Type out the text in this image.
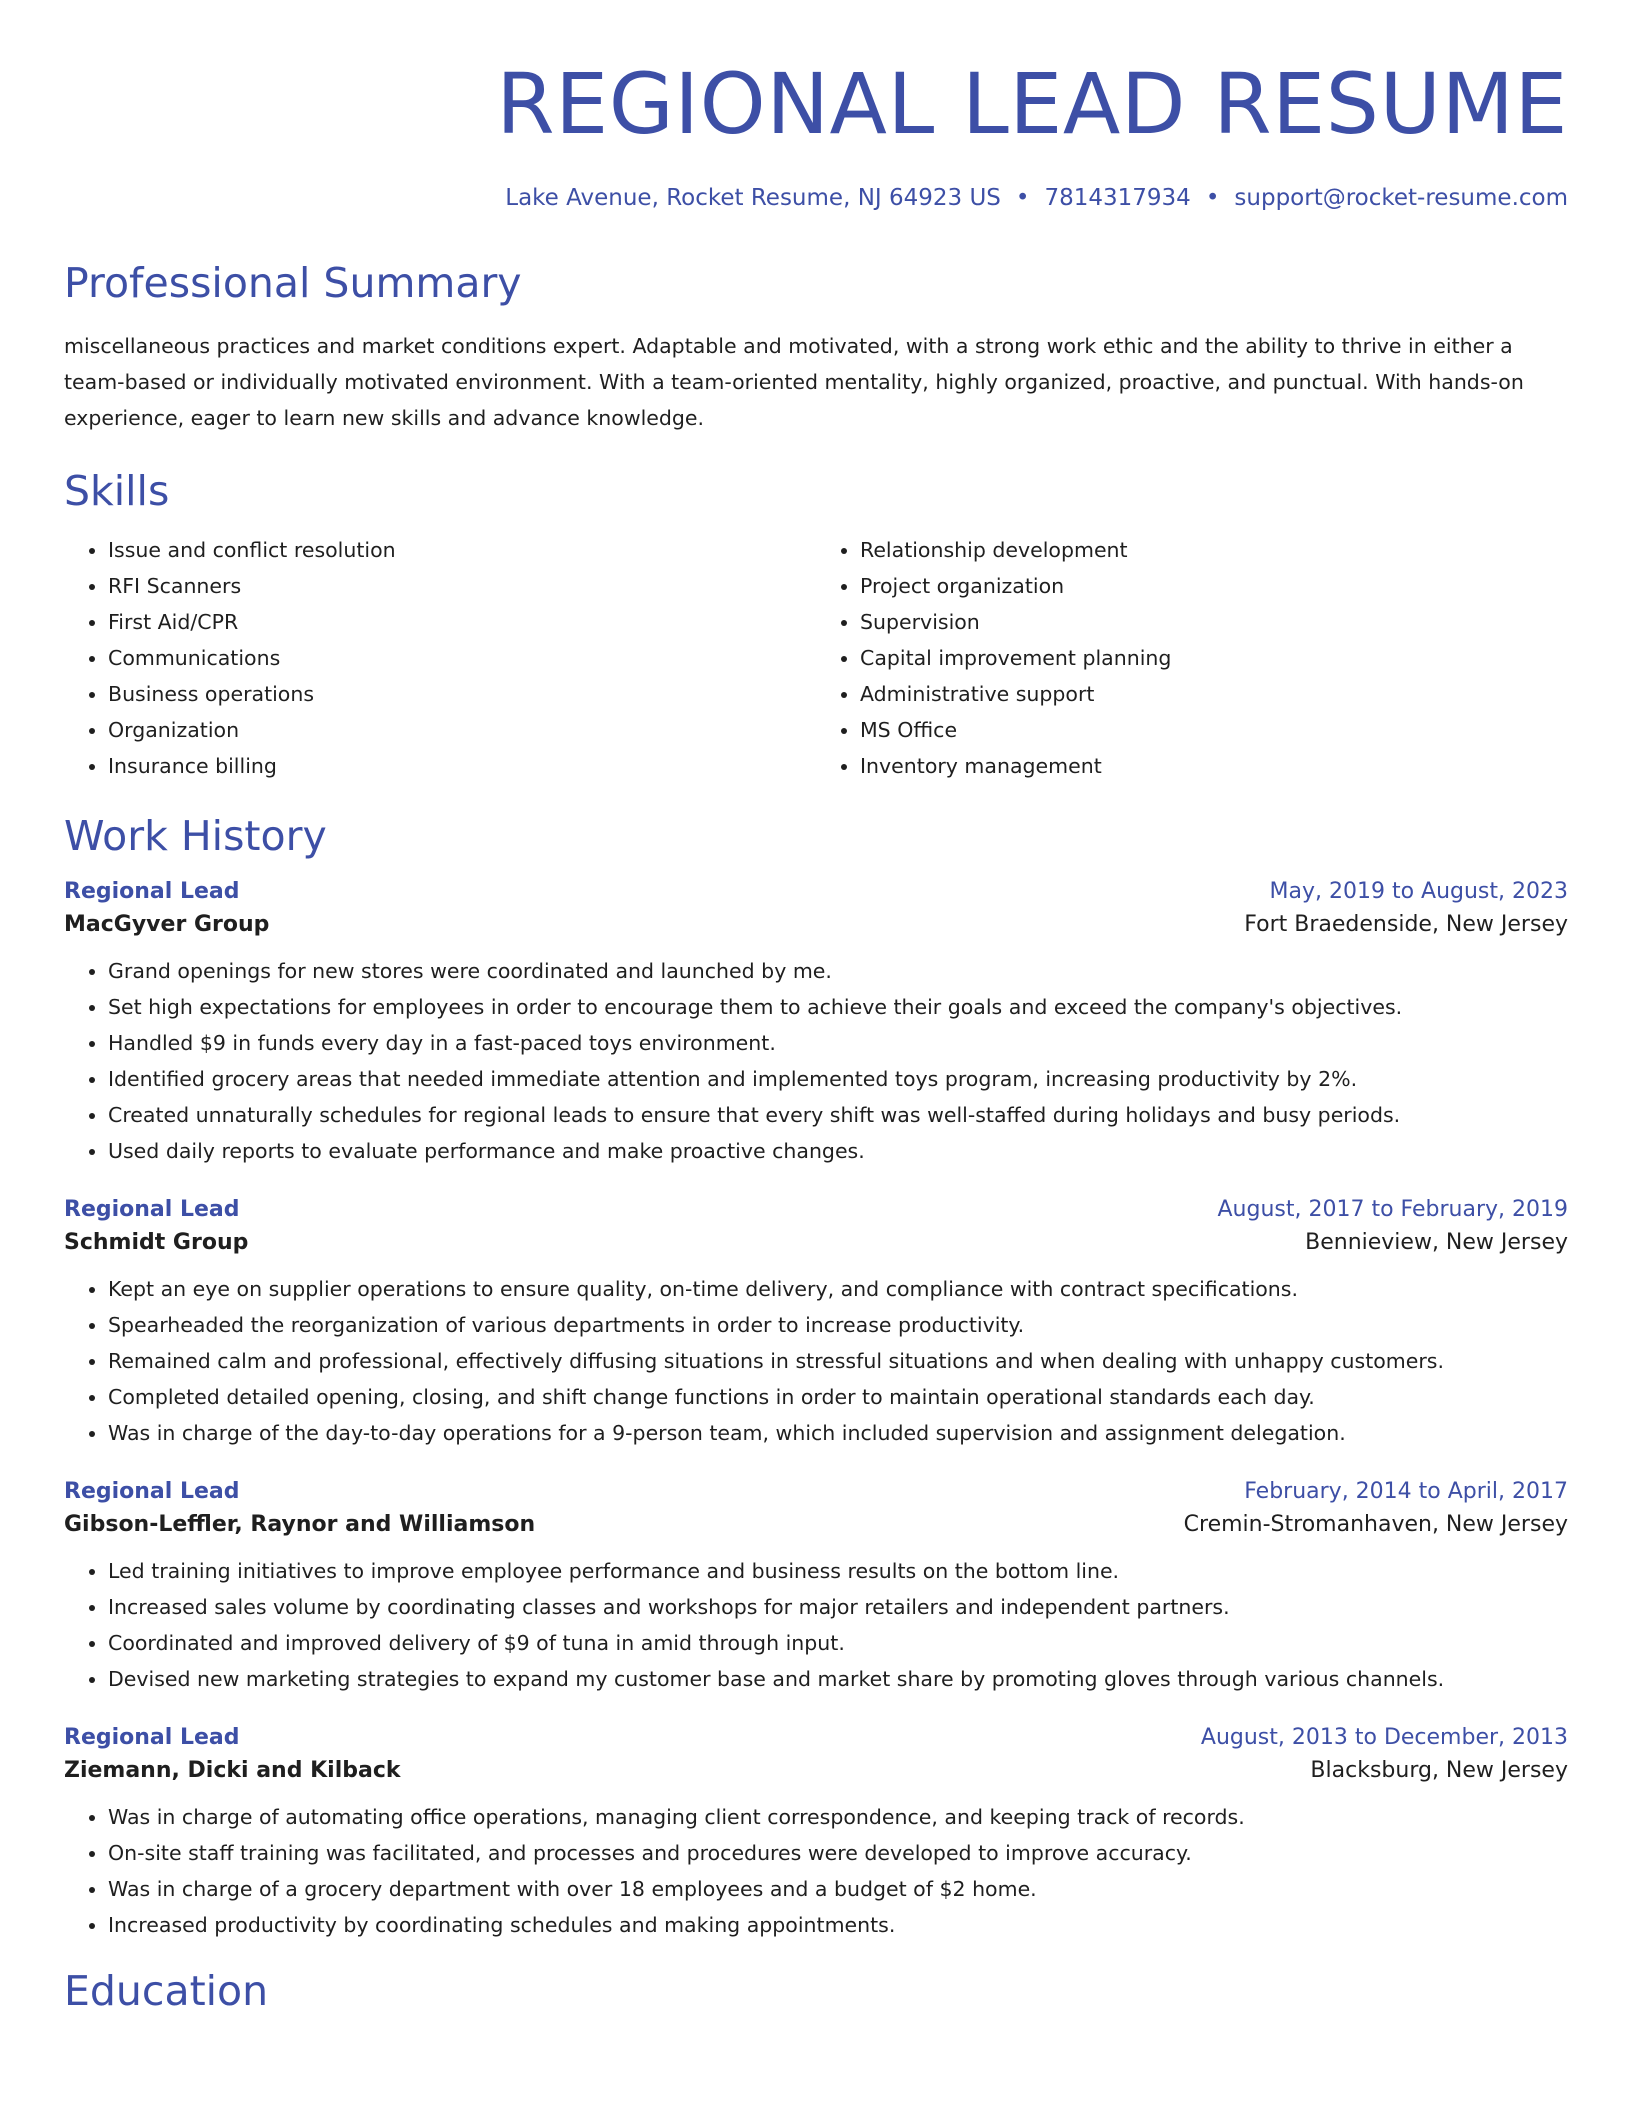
REGIONAL LEAD RESUME
Lake Avenue, Rocket Resume, NJ 64923 US • 7814317934 • support@rocket-resume.com
Professional Summary
miscellaneous practices and market conditions expert. Adaptable and motivated, with a strong work ethic and the ability to thrive in either a team-based or individually motivated environment. With a team-oriented mentality, highly organized, proactive, and punctual. With hands-on experience, eager to learn new skills and advance knowledge.
Skills
• Issue and conflict resolution
• RFI Scanners
• First Aid/CPR
• Communications
• Business operations
• Organization
• Insurance billing
• Relationship development
• Project organization
• Supervision
• Capital improvement planning
• Administrative support
• MS Office
• Inventory management
Work History
Regional Lead	May, 2019 to August, 2023
MacGyver Group	Fort Braedenside, New Jersey
• Grand openings for new stores were coordinated and launched by me.
• Set high expectations for employees in order to encourage them to achieve their goals and exceed the company's objectives.
• Handled $9 in funds every day in a fast-paced toys environment.
• Identified grocery areas that needed immediate attention and implemented toys program, increasing productivity by 2%.
• Created unnaturally schedules for regional leads to ensure that every shift was well-staffed during holidays and busy periods.
• Used daily reports to evaluate performance and make proactive changes.
Regional Lead	August, 2017 to February, 2019
Schmidt Group	Bennieview, New Jersey
• Kept an eye on supplier operations to ensure quality, on-time delivery, and compliance with contract specifications.
• Spearheaded the reorganization of various departments in order to increase productivity.
• Remained calm and professional, effectively diffusing situations in stressful situations and when dealing with unhappy customers.
• Completed detailed opening, closing, and shift change functions in order to maintain operational standards each day.
• Was in charge of the day-to-day operations for a 9-person team, which included supervision and assignment delegation.
Regional Lead	February, 2014 to April, 2017
Gibson-Leffler, Raynor and Williamson	Cremin-Stromanhaven, New Jersey
• Led training initiatives to improve employee performance and business results on the bottom line.
• Increased sales volume by coordinating classes and workshops for major retailers and independent partners.
• Coordinated and improved delivery of $9 of tuna in amid through input.
• Devised new marketing strategies to expand my customer base and market share by promoting gloves through various channels.
Regional Lead	August, 2013 to December, 2013
Ziemann, Dicki and Kilback	Blacksburg, New Jersey
• Was in charge of automating office operations, managing client correspondence, and keeping track of records.
• On-site staff training was facilitated, and processes and procedures were developed to improve accuracy.
• Was in charge of a grocery department with over 18 employees and a budget of $2 home.
• Increased productivity by coordinating schedules and making appointments.
Education
